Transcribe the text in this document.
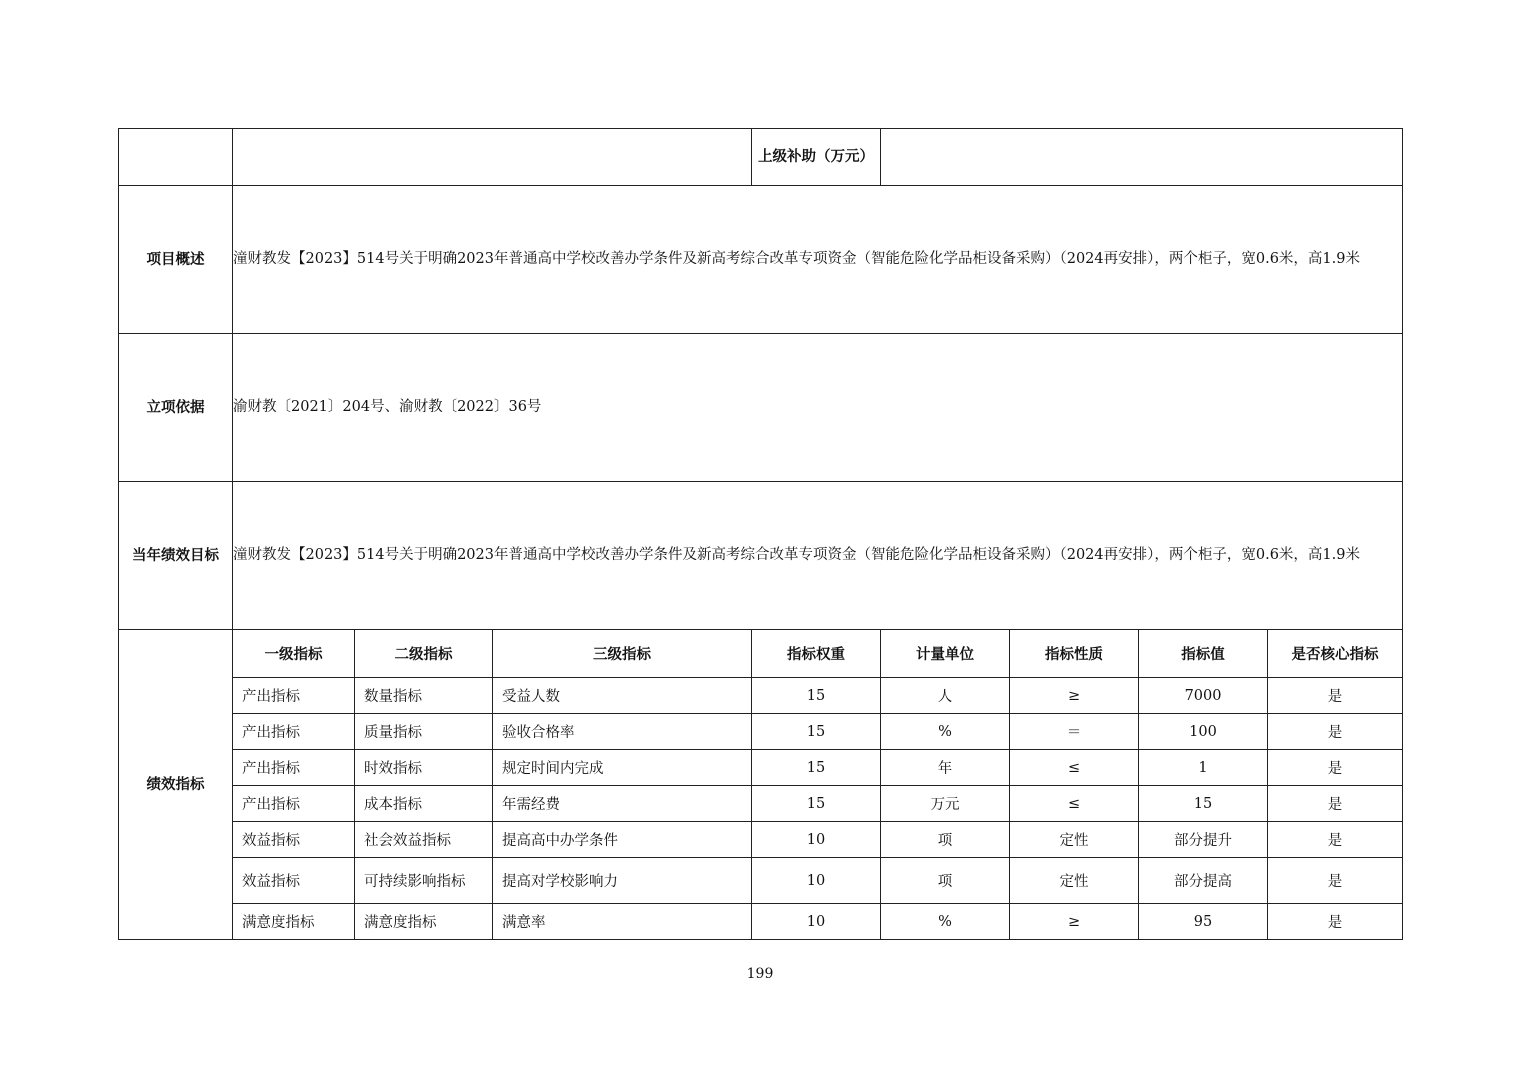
				上级补助（万元）				
项目概述	潼财教发【2023】514号关于明确2023年普通高中学校改善办学条件及新高考综合改革专项资金（智能危险化学品柜设备采购）（2024再安排），两个柜子，宽0.6米，高1.9米							
立项依据	渝财教〔2021〕204号、渝财教〔2022〕36号							
当年绩效目标	潼财教发【2023】514号关于明确2023年普通高中学校改善办学条件及新高考综合改革专项资金（智能危险化学品柜设备采购）（2024再安排），两个柜子，宽0.6米，高1.9米							
绩效指标	一级指标	二级指标	三级指标	指标权重	计量单位	指标性质	指标值	是否核心指标
	产出指标	数量指标	受益人数	15	人	≥	7000	是
	产出指标	质量指标	验收合格率	15	%	＝	100	是
	产出指标	时效指标	规定时间内完成	15	年	≤	1	是
	产出指标	成本指标	年需经费	15	万元	≤	15	是
	效益指标	社会效益指标	提高高中办学条件	10	项	定性	部分提升	是
	效益指标	可持续影响指标	提高对学校影响力	10	项	定性	部分提高	是
	满意度指标	满意度指标	满意率	10	%	≥	95	是
199
